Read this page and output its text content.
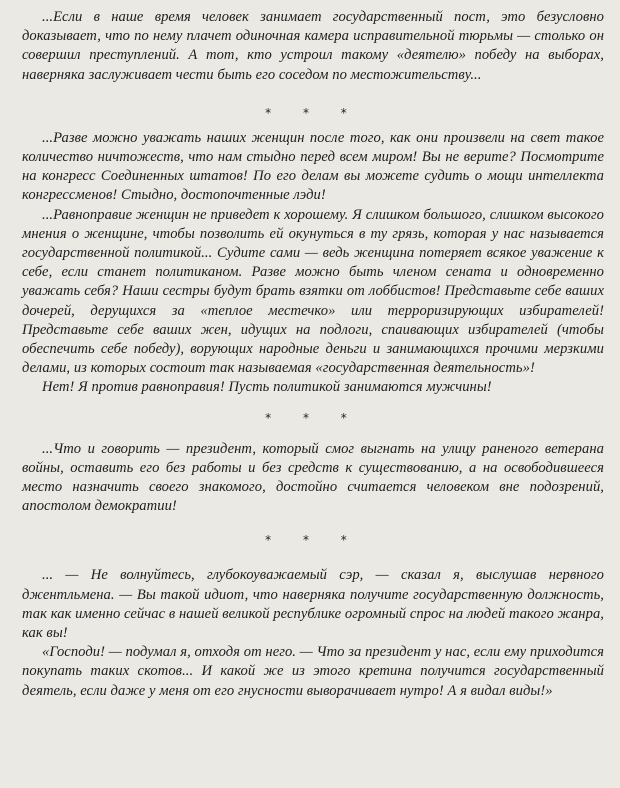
...Если в наше время человек занимает государственный пост, это безусловно доказывает, что по нему плачет одиночная камера исправительной тюрьмы — столько он совершил преступлений. А тот, кто устроил такому «деятелю» победу на выборах, наверняка заслуживает чести быть его соседом по местожительству...

* * *

...Разве можно уважать наших женщин после того, как они произвели на свет такое количество ничтожеств, что нам стыдно перед всем миром! Вы не верите? Посмотрите на конгресс Соединенных штатов! По его делам вы можете судить о мощи интеллекта конгрессменов! Стыдно, достопочтенные лэди!

...Равноправие женщин не приведет к хорошему. Я слишком большого, слишком высокого мнения о женщине, чтобы позволить ей окунуться в ту грязь, которая у нас называется государственной политикой... Судите сами — ведь женщина потеряет всякое уважение к себе, если станет политиканом. Разве можно быть членом сената и одновременно уважать себя? Наши сестры будут брать взятки от лоббистов! Представьте себе ваших дочерей, дерущихся за «теплое местечко» или терроризирующих избирателей! Представьте себе ваших жен, идущих на подлоги, спаивающих избирателей (чтобы обеспечить себе победу), ворующих народные деньги и занимающихся прочими мерзкими делами, из которых состоит так называемая «государственная деятельность»!

Нет! Я против равноправия! Пусть политикой занимаются мужчины!

* * *

...Что и говорить — президент, который смог выгнать на улицу раненого ветерана войны, оставить его без работы и без средств к существованию, а на освободившееся место назначить своего знакомого, достойно считается человеком вне подозрений, апостолом демократии!

* * *

... — Не волнуйтесь, глубокоуважаемый сэр, — сказал я, выслушав нервного джентльмена. — Вы такой идиот, что наверняка получите государственную должность, так как именно сейчас в нашей великой республике огромный спрос на людей такого жанра, как вы!

«Господи! — подумал я, отходя от него. — Что за президент у нас, если ему приходится покупать таких скотов... И какой же из этого кретина получится государственный деятель, если даже у меня от его гнусности выворачивает нутро! А я видал виды!»
